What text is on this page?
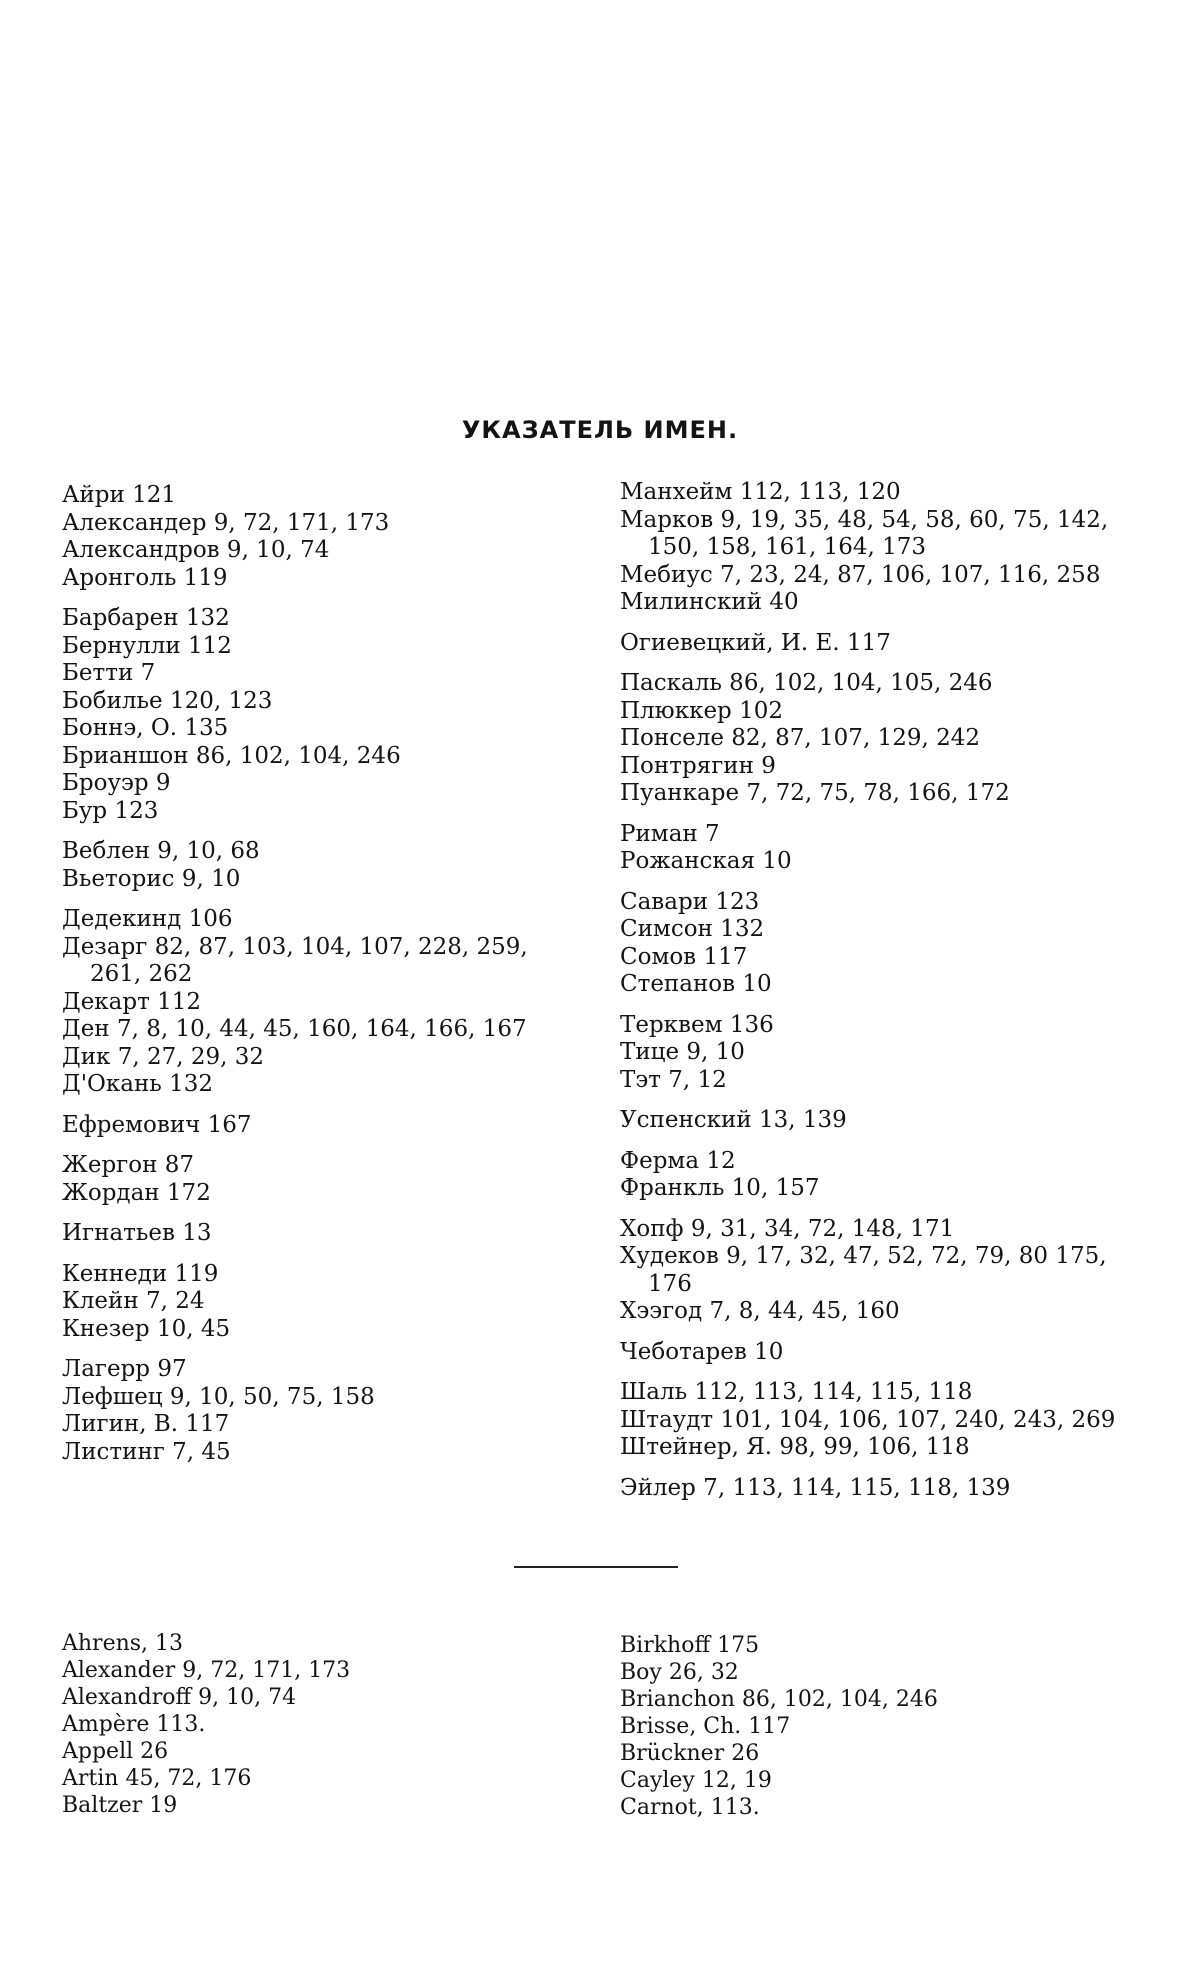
УКАЗАТЕЛЬ ИМЕН.
Айри 121
Александер 9, 72, 171, 173
Александров 9, 10, 74
Аронголь 119
Барбарен 132
Бернулли 112
Бетти 7
Бобилье 120, 123
Боннэ, О. 135
Брианшон 86, 102, 104, 246
Броуэр 9
Бур 123
Веблен 9, 10, 68
Вьеторис 9, 10
Дедекинд 106
Дезарг 82, 87, 103, 104, 107, 228, 259, 261, 262
Декарт 112
Ден 7, 8, 10, 44, 45, 160, 164, 166, 167
Дик 7, 27, 29, 32
Д'Окань 132
Ефремович 167
Жергон 87
Жордан 172
Игнатьев 13
Кеннеди 119
Клейн 7, 24
Кнезер 10, 45
Лагерр 97
Лефшец 9, 10, 50, 75, 158
Лигин, В. 117
Листинг 7, 45
Манхейм 112, 113, 120
Марков 9, 19, 35, 48, 54, 58, 60, 75, 142, 150, 158, 161, 164, 173
Мебиус 7, 23, 24, 87, 106, 107, 116, 258
Милинский 40
Огиевецкий, И. Е. 117
Паскаль 86, 102, 104, 105, 246
Плюккер 102
Понселе 82, 87, 107, 129, 242
Понтрягин 9
Пуанкаре 7, 72, 75, 78, 166, 172
Риман 7
Рожанская 10
Савари 123
Симсон 132
Сомов 117
Степанов 10
Терквем 136
Тице 9, 10
Тэт 7, 12
Успенский 13, 139
Ферма 12
Франкль 10, 157
Хопф 9, 31, 34, 72, 148, 171
Худеков 9, 17, 32, 47, 52, 72, 79, 80 175, 176
Хээгод 7, 8, 44, 45, 160
Чеботарев 10
Шаль 112, 113, 114, 115, 118
Штаудт 101, 104, 106, 107, 240, 243, 269
Штейнер, Я. 98, 99, 106, 118
Эйлер 7, 113, 114, 115, 118, 139
Ahrens, 13
Alexander 9, 72, 171, 173
Alexandroff 9, 10, 74
Ampère 113.
Appell 26
Artin 45, 72, 176
Baltzer 19
Birkhoff 175
Boy 26, 32
Brianchon 86, 102, 104, 246
Brisse, Ch. 117
Brückner 26
Cayley 12, 19
Carnot, 113.
